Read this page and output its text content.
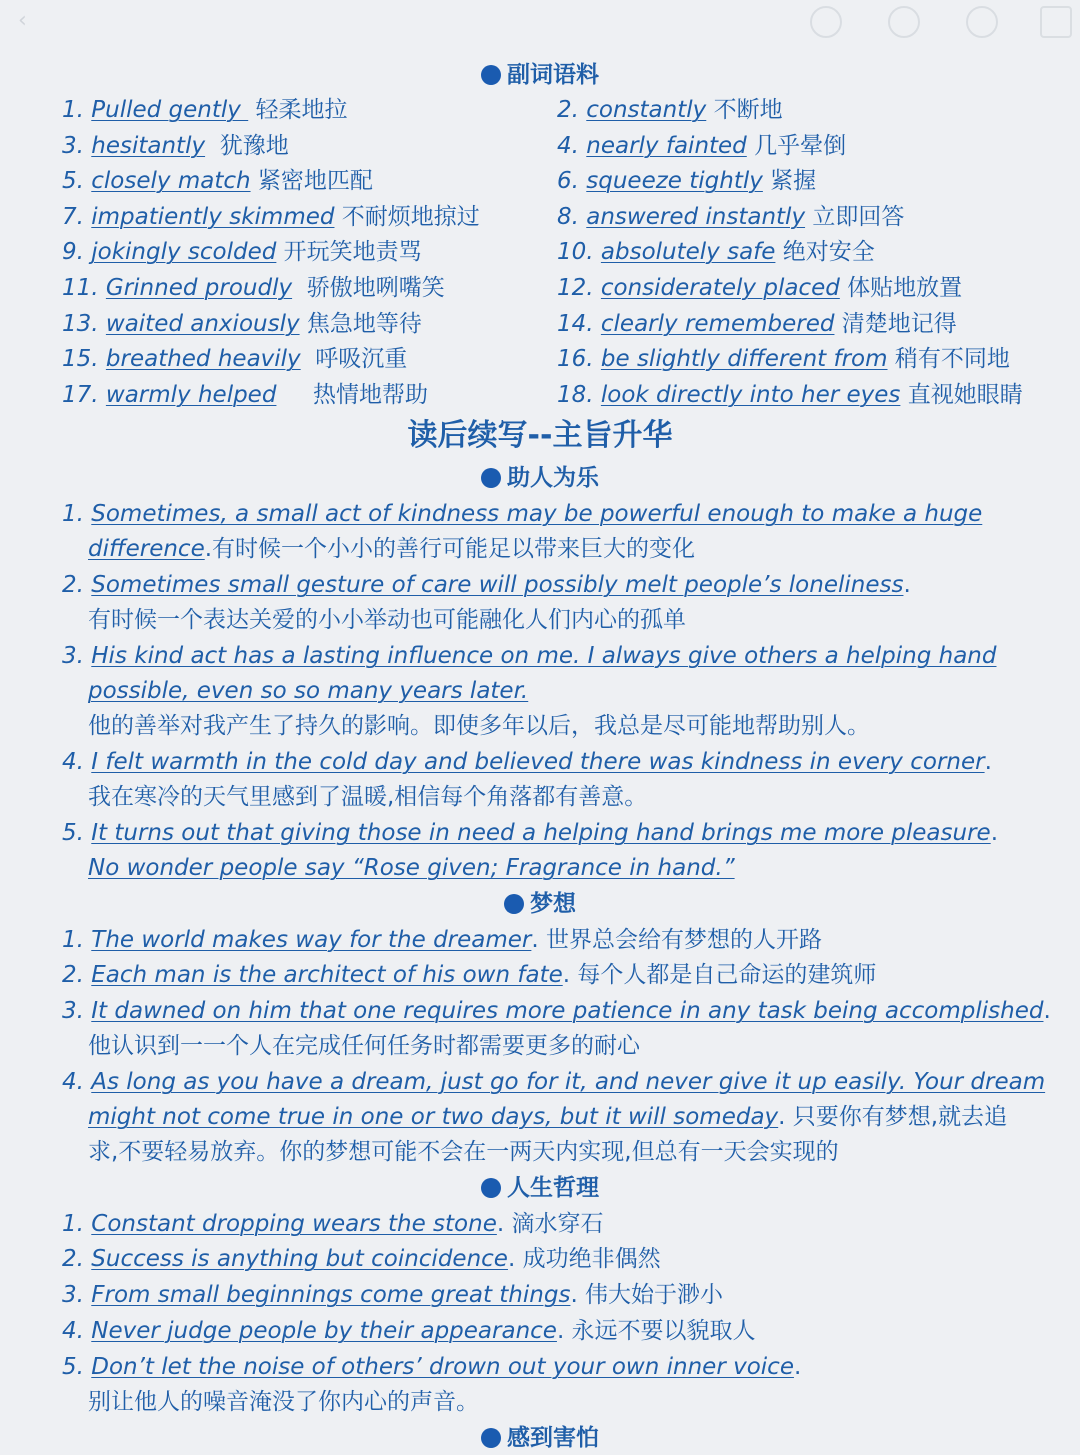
‹
副词语料
1. Pulled gently  轻柔地拉	2. constantly 不断地
3. hesitantly  犹豫地	4. nearly fainted 几乎晕倒
5. closely match 紧密地匹配	6. squeeze tightly 紧握
7. impatiently skimmed 不耐烦地掠过	8. answered instantly 立即回答
9. jokingly scolded 开玩笑地责骂	10. absolutely safe 绝对安全
11. Grinned proudly  骄傲地咧嘴笑	12. considerately placed 体贴地放置
13. waited anxiously 焦急地等待	14. clearly remembered 清楚地记得
15. breathed heavily  呼吸沉重	16. be slightly different from 稍有不同地
17. warmly helped     热情地帮助	18. look directly into her eyes 直视她眼睛
读后续写--主旨升华
助人为乐
1. Sometimes, a small act of kindness may be powerful enough to make a huge
difference.有时候一个小小的善行可能足以带来巨大的变化
2. Sometimes small gesture of care will possibly melt people’s loneliness.
有时候一个表达关爱的小小举动也可能融化人们内心的孤单
3. His kind act has a lasting influence on me. I always give others a helping hand
possible, even so so many years later.
他的善举对我产生了持久的影响。即使多年以后，我总是尽可能地帮助别人。
4. I felt warmth in the cold day and believed there was kindness in every corner.
我在寒冷的天气里感到了温暖,相信每个角落都有善意。
5. It turns out that giving those in need a helping hand brings me more pleasure.
No wonder people say “Rose given; Fragrance in hand.”
梦想
1. The world makes way for the dreamer. 世界总会给有梦想的人开路
2. Each man is the architect of his own fate. 每个人都是自己命运的建筑师
3. It dawned on him that one requires more patience in any task being accomplished.
他认识到一一个人在完成任何任务时都需要更多的耐心
4. As long as you have a dream, just go for it, and never give it up easily. Your dream
might not come true in one or two days, but it will someday. 只要你有梦想,就去追
求,不要轻易放弃。你的梦想可能不会在一两天内实现,但总有一天会实现的
人生哲理
1. Constant dropping wears the stone. 滴水穿石
2. Success is anything but coincidence. 成功绝非偶然
3. From small beginnings come great things. 伟大始于渺小
4. Never judge people by their appearance. 永远不要以貌取人
5. Don’t let the noise of others’ drown out your own inner voice.
别让他人的噪音淹没了你内心的声音。
感到害怕
